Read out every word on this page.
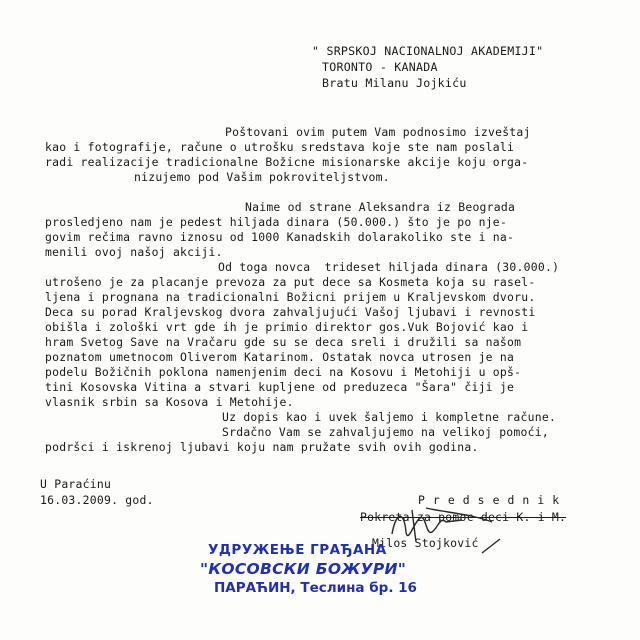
" SRPSKOJ NACIONALNOJ AKADEMIJI"
TORONTO - KANADA
Bratu Milanu Jojkiću
Poštovani ovim putem Vam podnosimo izveštaj
kao i fotografije, račune o utrošku sredstava koje ste nam poslali
radi realizacije tradicionalne Božicne misionarske akcije koju orga-
nizujemo pod Vašim pokroviteljstvom.
Naime od strane Aleksandra iz Beograda
prosledjeno nam je pedest hiljada dinara (50.000.) što je po nje-
govim rečima ravno iznosu od 1000 Kanadskih dolarakoliko ste i na-
menili ovoj našoj akciji.
Od toga novca  trideset hiljada dinara (30.000.)
utrošeno je za placanje prevoza za put dece sa Kosmeta koja su rasel-
ljena i prognana na tradicionalni Božicni prijem u Kraljevskom dvoru.
Deca su porad Kraljevskog dvora zahvaljujući Vašoj ljubavi i revnosti
obišla i zološki vrt gde ih je primio direktor gos.Vuk Bojović kao i
hram Svetog Save na Vračaru gde su se deca sreli i družili sa našom
poznatom umetnocom Oliverom Katarinom. Ostatak novca utrosen je na
podelu Božičnih poklona namenjenim deci na Kosovu i Metohiji u opš-
tini Kosovska Vitina a stvari kupljene od preduzeca "Šara" čiji je
vlasnik srbin sa Kosova i Metohije.
Uz dopis kao i uvek šaljemo i kompletne račune.
Srdačno Vam se zahvaljujemo na velikoj pomoći,
podršci i iskrenoj ljubavi koju nam pružate svih ovih godina.
U Paraćinu
16.03.2009. god.	P r e d s e d n i k
Pokreta za pomoc deci K. i M.
Milos Stojković
УДРУЖЕЊЕ ГРАЂАНА
"КОСОВСКИ БОЖУРИ"
ПАРАЋИН, Теслина бр. 16
